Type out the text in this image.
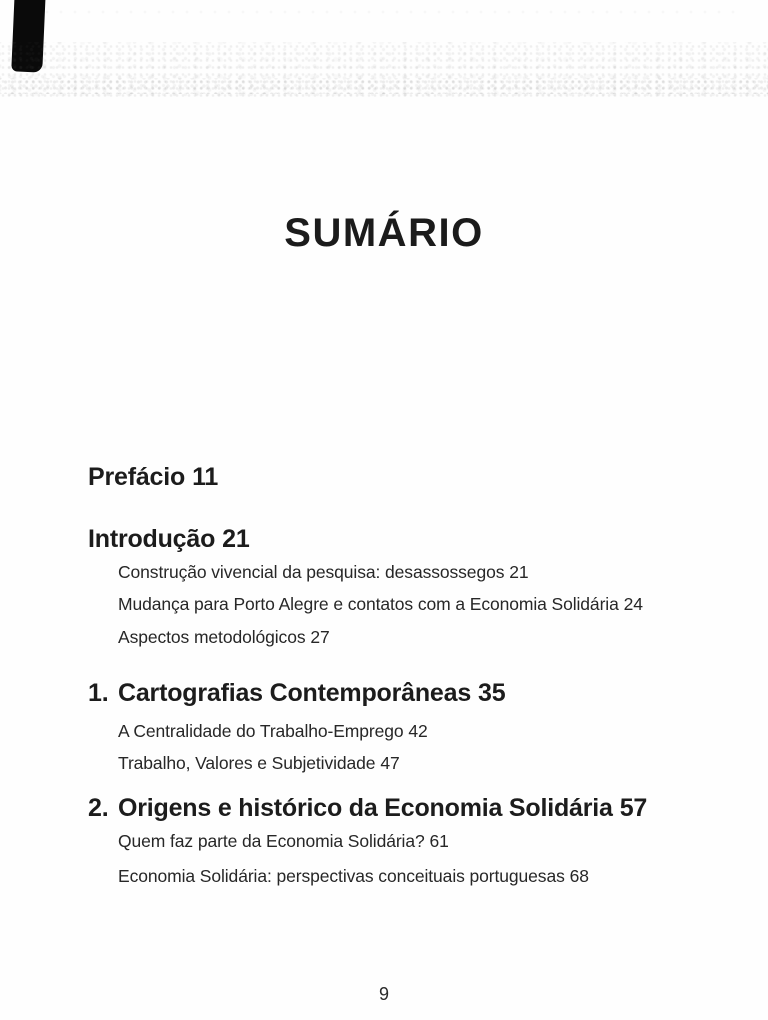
SUMÁRIO
Prefácio 11
Introdução 21
Construção vivencial da pesquisa: desassossegos 21
Mudança para Porto Alegre e contatos com a Economia Solidária 24
Aspectos metodológicos 27
1. Cartografias Contemporâneas 35
A Centralidade do Trabalho-Emprego 42
Trabalho, Valores e Subjetividade 47
2. Origens e histórico da Economia Solidária 57
Quem faz parte da Economia Solidária? 61
Economia Solidária: perspectivas conceituais portuguesas 68
9
